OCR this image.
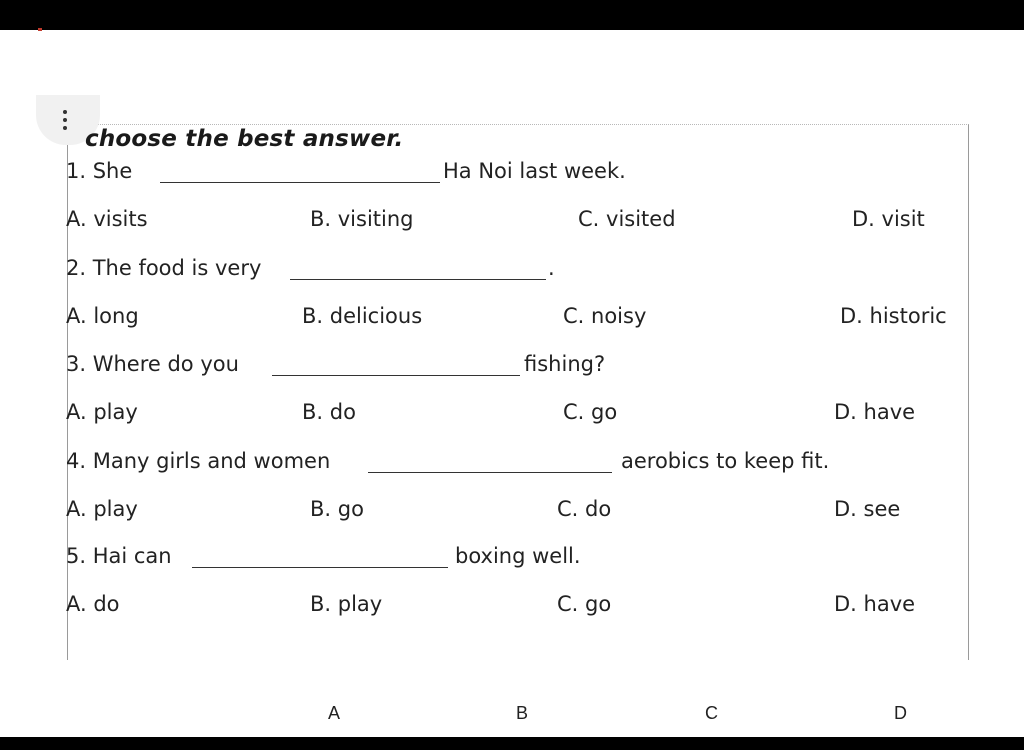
choose the best answer.
1. She	Ha Noi last week.
A. visits	B. visiting	C. visited	D. visit
2. The food is very	.
A. long	B. delicious	C. noisy	D. historic
3. Where do you	fishing?
A. play	B. do	C. go	D. have
4. Many girls and women	aerobics to keep fit.
A. play	B. go	C. do	D. see
5. Hai can	boxing well.
A. do	B. play	C. go	D. have
A	B	C	D
